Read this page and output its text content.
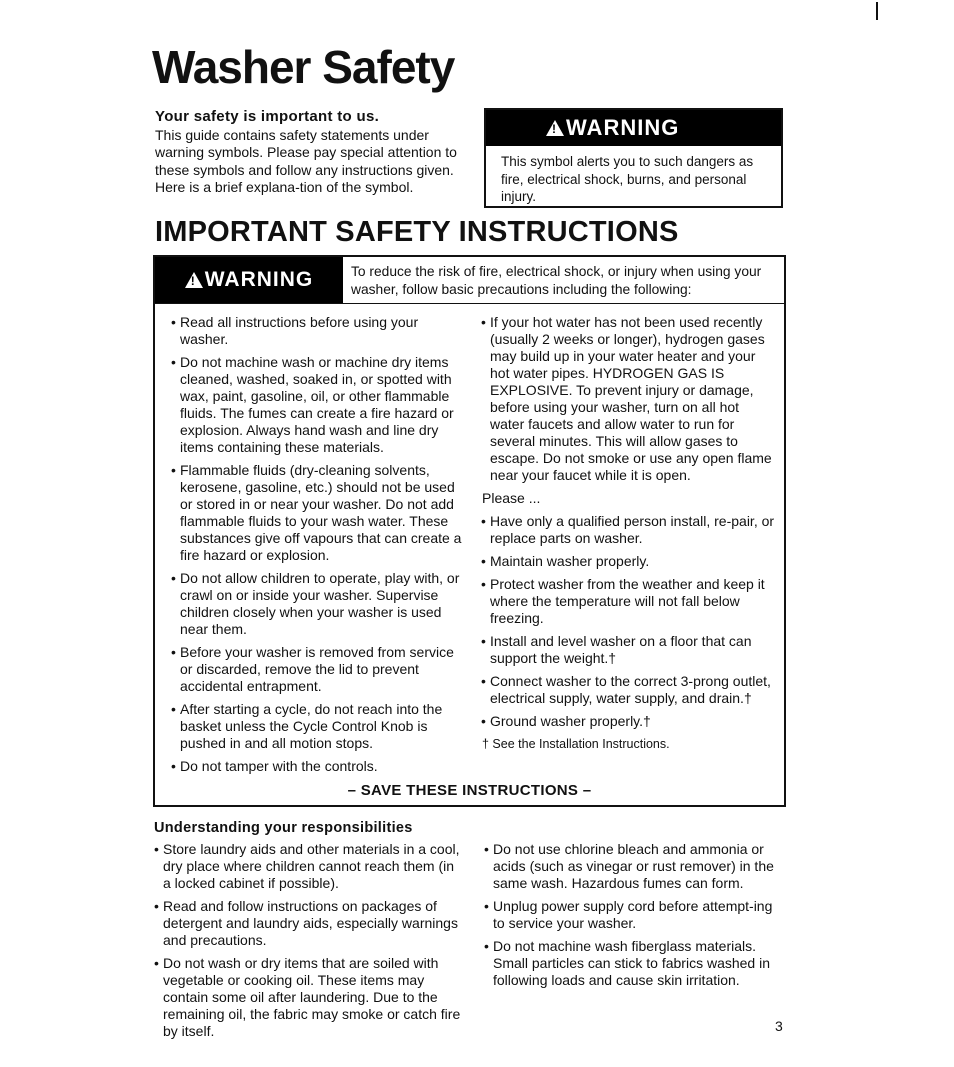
Washer Safety
Your safety is important to us.

This guide contains safety statements under warning symbols. Please pay special attention to these symbols and follow any instructions given. Here is a brief explana-tion of the symbol.

!
WARNING

This symbol alerts you to such dangers as fire, electrical shock, burns, and personal injury.

IMPORTANT SAFETY INSTRUCTIONS
!
WARNING	To reduce the risk of fire, electrical shock, or injury when using your washer, follow basic precautions including the following:

• Read all instructions before using your washer.
• Do not machine wash or machine dry items cleaned, washed, soaked in, or spotted with wax, paint, gasoline, oil, or other flammable fluids. The fumes can create a fire hazard or explosion. Always hand wash and line dry items containing these materials.
• Flammable fluids (dry-cleaning solvents, kerosene, gasoline, etc.) should not be used or stored in or near your washer. Do not add flammable fluids to your wash water. These substances give off vapours that can create a fire hazard or explosion.
• Do not allow children to operate, play with, or crawl on or inside your washer. Supervise children closely when your washer is used near them.
• Before your washer is removed from service or discarded, remove the lid to prevent accidental entrapment.
• After starting a cycle, do not reach into the basket unless the Cycle Control Knob is pushed in and all motion stops.
• Do not tamper with the controls.
• If your hot water has not been used recently (usually 2 weeks or longer), hydrogen gases may build up in your water heater and your hot water pipes. HYDROGEN GAS IS EXPLOSIVE. To prevent injury or damage, before using your washer, turn on all hot water faucets and allow water to run for several minutes. This will allow gases to escape. Do not smoke or use any open flame near your faucet while it is open.
Please ...
• Have only a qualified person install, re-pair, or replace parts on washer.
• Maintain washer properly.
• Protect washer from the weather and keep it where the temperature will not fall below freezing.
• Install and level washer on a floor that can support the weight.†
• Connect washer to the correct 3-prong outlet, electrical supply, water supply, and drain.†
• Ground washer properly.†
† See the Installation Instructions.

– SAVE THESE INSTRUCTIONS –

Understanding your responsibilities
• Store laundry aids and other materials in a cool, dry place where children cannot reach them (in a locked cabinet if possible).
• Read and follow instructions on packages of detergent and laundry aids, especially warnings and precautions.
• Do not wash or dry items that are soiled with vegetable or cooking oil. These items may contain some oil after laundering. Due to the remaining oil, the fabric may smoke or catch fire by itself.
• Do not use chlorine bleach and ammonia or acids (such as vinegar or rust remover) in the same wash. Hazardous fumes can form.
• Unplug power supply cord before attempt-ing to service your washer.
• Do not machine wash fiberglass materials. Small particles can stick to fabrics washed in following loads and cause skin irritation.

3
